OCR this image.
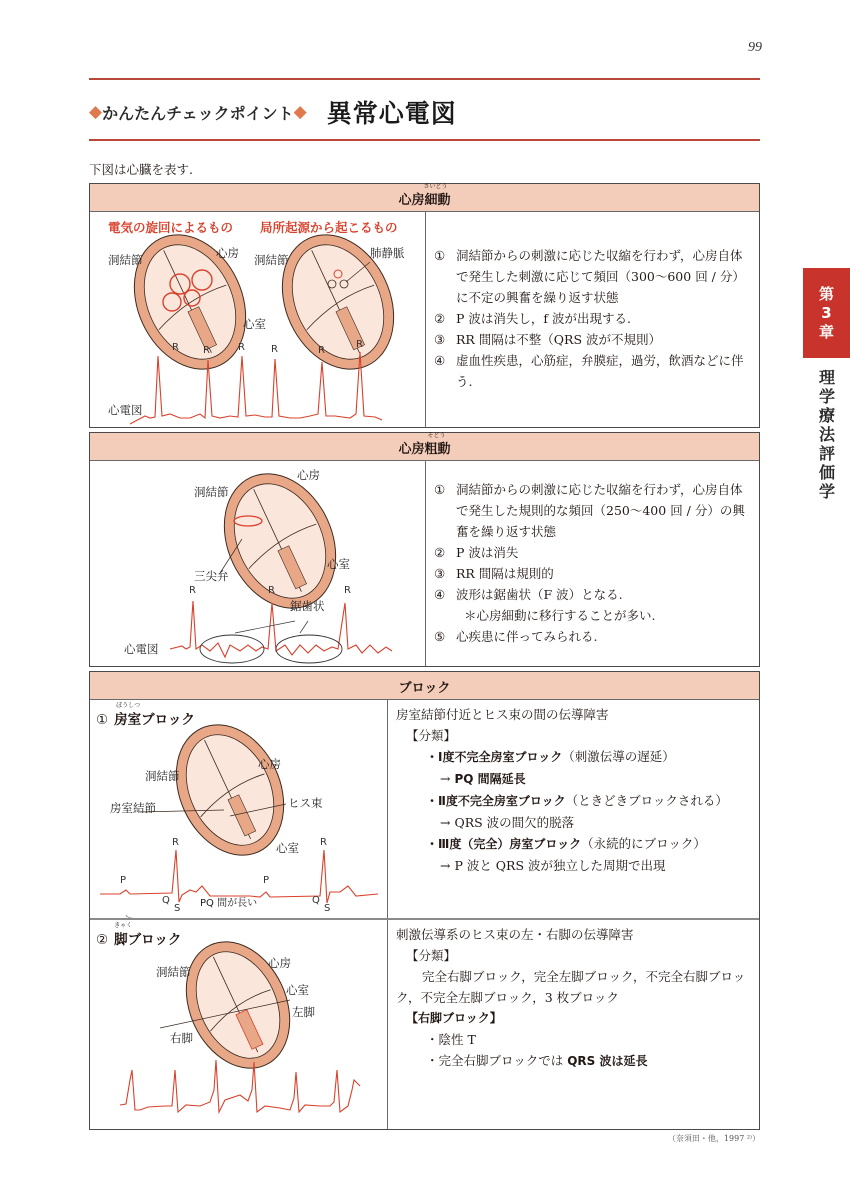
99
◆ かんたんチェックポイント ◆ 異常心電図
下図は心臓を表す.
第
3
章
理
学
療
法
評
価
学
心房細動
さいどう
R R	R	R	R
R
電気の旋回によるもの 局所起源から起こるもの
洞結節	心房
心室
洞結節	肺静脈
心電図
① 洞結節からの刺激に応じた収縮を行わず，心房自体で発生した刺激に応じて頻回（300〜600 回 / 分）に不定の興奮を繰り返す状態
② P 波は消失し，f 波が出現する.
③ RR 間隔は不整（QRS 波が不規則）
④ 虚血性疾患，心筋症，弁膜症，過労，飲酒などに伴う.
心房粗動
そどう
R	R	R
心房
洞結節
三尖弁
心室
鋸歯状
心電図
① 洞結節からの刺激に応じた収縮を行わず，心房自体で発生した規則的な頻回（250〜400 回 / 分）の興奮を繰り返す状態
② P 波は消失
③ RR 間隔は規則的
④ 波形は鋸歯状（F 波）となる.
＊心房細動に移行することが多い.
⑤ 心疾患に伴ってみられる.
ブロック
① 房室ブロック
ぼうしつ
R	R
P	P
Q
S
Q
S
洞結節
心房
房室結節	ヒス束
心室
房室結節付近とヒス束の間の伝導障害
【分類】
・Ⅰ度不完全房室ブロック（刺激伝導の遅延）
→ PQ 間隔延長
・Ⅱ度不完全房室ブロック（ときどきブロックされる）
→ QRS 波の間欠的脱落
・Ⅲ度（完全）房室ブロック（永続的にブロック）
→ P 波と QRS 波が独立した周期で出現
PQ 間が長い
② 脚ブロック
きゃく
洞結節
心房
心室
左脚
右脚
刺激伝導系のヒス束の左・右脚の伝導障害
【分類】
完全右脚ブロック，完全左脚ブロック，不完全右脚ブロック，不完全左脚ブロック，3 枚ブロック
【右脚ブロック】
・陰性 T
・完全右脚ブロックでは QRS 波は延長
（奈須田・他，1997 ²⁾）
